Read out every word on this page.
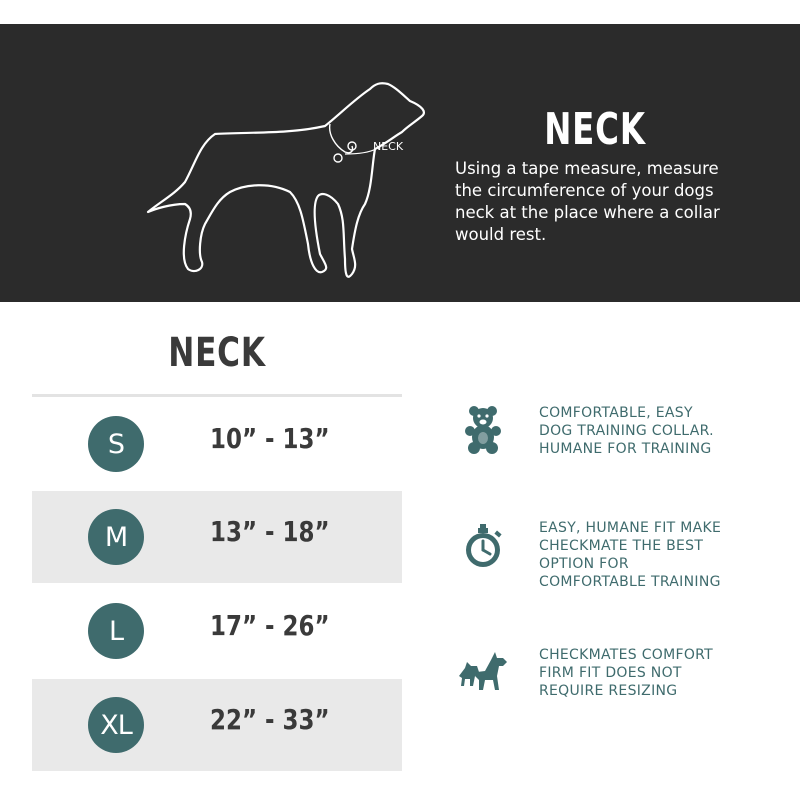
NECK	NECK
Using a tape measure, measure the circumference of your dogs neck at the place where a collar would rest.
NECK
S	10” - 13”
M	13” - 18”
L	17” - 26”
XL	22” - 33”
COMFORTABLE, EASY
DOG TRAINING COLLAR.
HUMANE FOR TRAINING
EASY, HUMANE FIT MAKE
CHECKMATE THE BEST
OPTION FOR
COMFORTABLE TRAINING
CHECKMATES COMFORT
FIRM FIT DOES NOT
REQUIRE RESIZING
